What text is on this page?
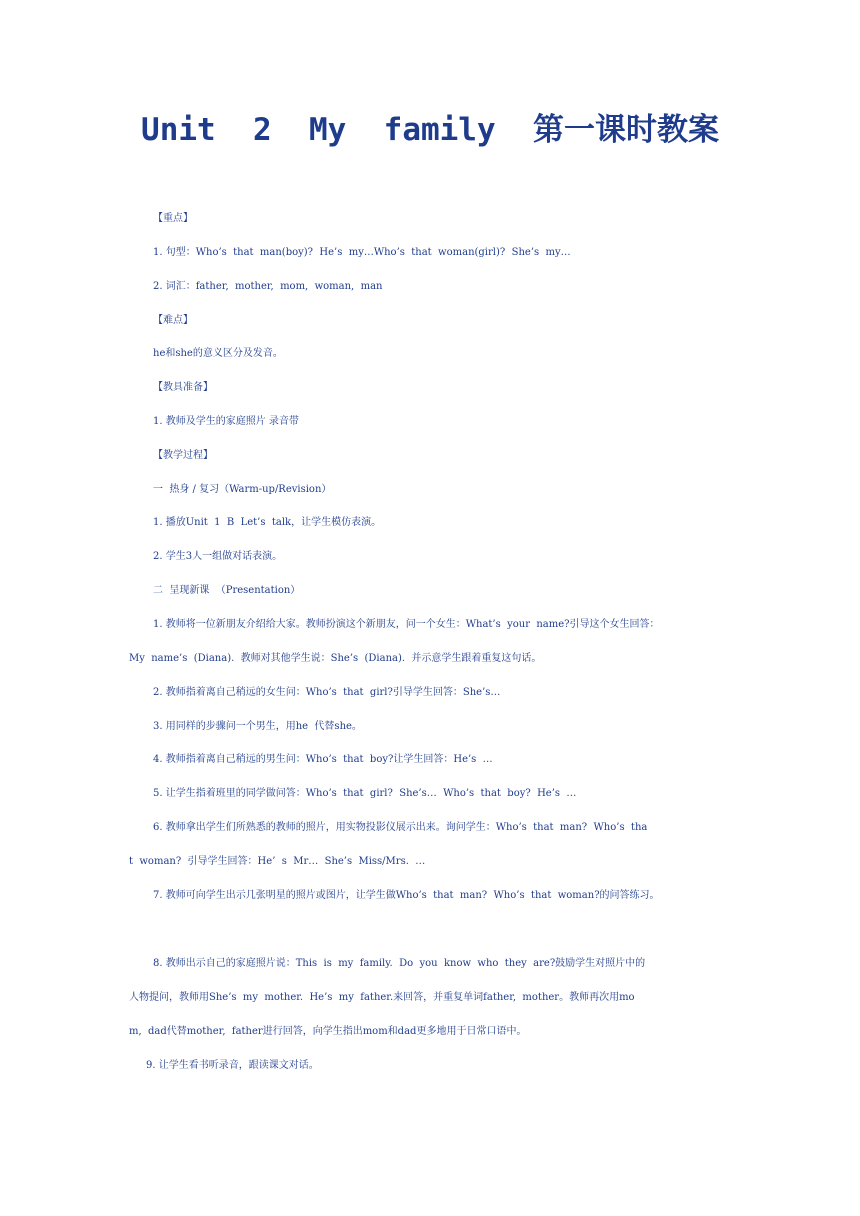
Unit  2  My  family  第一课时教案
【重点】
1. 句型：Who’s  that  man(boy)?  He’s  my…Who’s  that  woman(girl)?  She’s  my…
2. 词汇：father,  mother,  mom,  woman,  man
【难点】
he和she的意义区分及发音。
【教具准备】
1. 教师及学生的家庭照片 录音带
【教学过程】
一  热身 / 复习（Warm-up/Revision）
1. 播放Unit  1  B  Let’s  talk，让学生模仿表演。
2. 学生3人一组做对话表演。
二  呈现新课  （Presentation）
1. 教师将一位新朋友介绍给大家。教师扮演这个新朋友，问一个女生：What’s  your  name?引导这个女生回答：
My  name’s  (Diana).  教师对其他学生说：She’s  (Diana).  并示意学生跟着重复这句话。
2. 教师指着离自己稍远的女生问：Who’s  that  girl?引导学生回答：She’s…
3. 用同样的步骤问一个男生，用he  代替she。
4. 教师指着离自己稍远的男生问：Who’s  that  boy?让学生回答：He’s  …
5. 让学生指着班里的同学做问答：Who’s  that  girl?  She’s…  Who’s  that  boy?  He’s  …
6. 教师拿出学生们所熟悉的教师的照片，用实物投影仪展示出来。询问学生：Who’s  that  man?  Who’s  tha
t  woman?  引导学生回答：He’  s  Mr…  She’s  Miss/Mrs.  …
7. 教师可向学生出示几张明星的照片或图片，让学生做Who’s  that  man?  Who’s  that  woman?的问答练习。
8. 教师出示自己的家庭照片说：This  is  my  family.  Do  you  know  who  they  are?鼓励学生对照片中的
人物提问，教师用She’s  my  mother.  He’s  my  father.来回答，并重复单词father,  mother。教师再次用mo
m,  dad代替mother,  father进行回答，向学生指出mom和dad更多地用于日常口语中。
9. 让学生看书听录音，跟读课文对话。
